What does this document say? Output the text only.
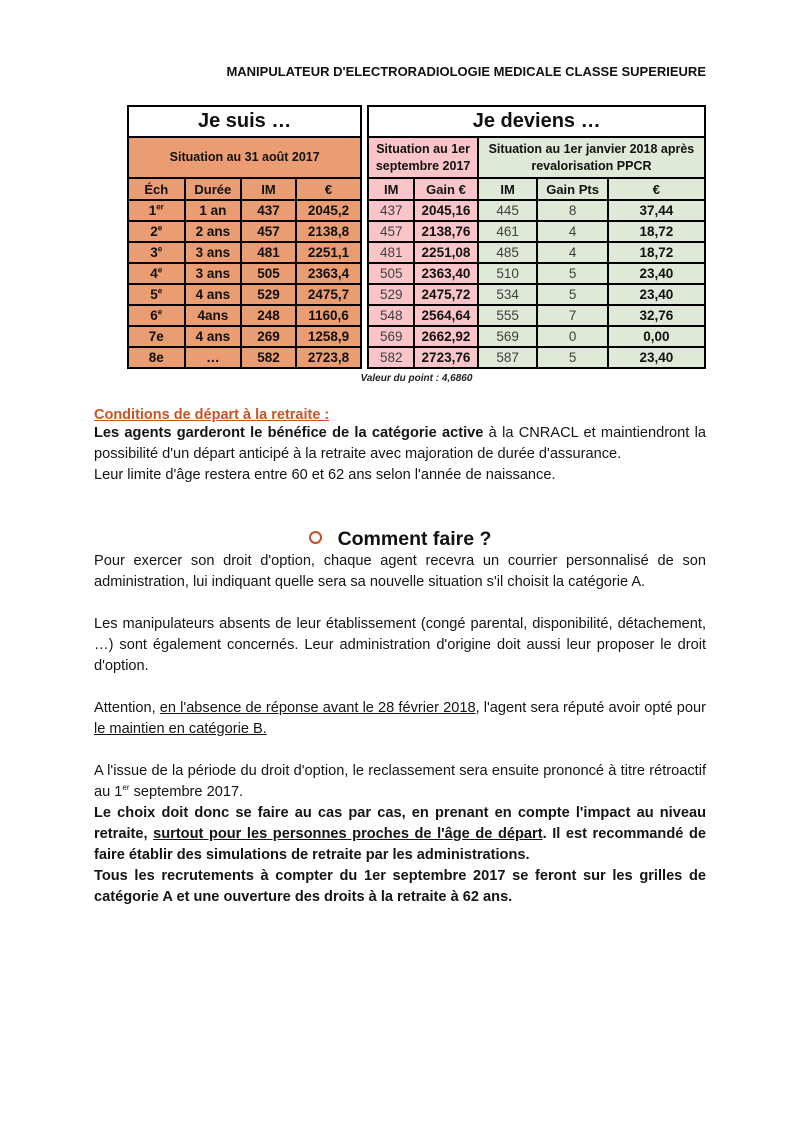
MANIPULATEUR D'ELECTRORADIOLOGIE MEDICALE CLASSE SUPERIEURE
Je suis …			
Situation au 31 août 2017			
Éch	Durée	IM	€
1er	1 an	437	2045,2
2e	2 ans	457	2138,8
3e	3 ans	481	2251,1
4e	3 ans	505	2363,4
5e	4 ans	529	2475,7
6e	4ans	248	1160,6
7e	4 ans	269	1258,9
8e	…	582	2723,8
Je deviens …				
Situation au 1er septembre 2017		Situation au 1er janvier 2018 après revalorisation PPCR		
IM	Gain €	IM	Gain Pts	€
437	2045,16	445	8	37,44
457	2138,76	461	4	18,72
481	2251,08	485	4	18,72
505	2363,40	510	5	23,40
529	2475,72	534	5	23,40
548	2564,64	555	7	32,76
569	2662,92	569	0	0,00
582	2723,76	587	5	23,40
Valeur du point : 4,6860
Conditions de départ à la retraite :

Les agents garderont le bénéfice de la catégorie active à la CNRACL et maintiendront la possibilité d'un départ anticipé à la retraite avec majoration de durée d'assurance.

Leur limite d'âge restera entre 60 et 62 ans selon l'année de naissance.

Comment faire ?

Pour exercer son droit d'option, chaque agent recevra un courrier personnalisé de son administration, lui indiquant quelle sera sa nouvelle situation s'il choisit la catégorie A.

Les manipulateurs absents de leur établissement (congé parental, disponibilité, détachement, …) sont également concernés. Leur administration d'origine doit aussi leur proposer le droit d'option.

Attention, en l'absence de réponse avant le 28 février 2018, l'agent sera réputé avoir opté pour le maintien en catégorie B.

A l'issue de la période du droit d'option, le reclassement sera ensuite prononcé à titre rétroactif au 1er septembre 2017.

Le choix doit donc se faire au cas par cas, en prenant en compte l'impact au niveau retraite, surtout pour les personnes proches de l'âge de départ. Il est recommandé de faire établir des simulations de retraite par les administrations.

Tous les recrutements à compter du 1er septembre 2017 se feront sur les grilles de catégorie A et une ouverture des droits à la retraite à 62 ans.
